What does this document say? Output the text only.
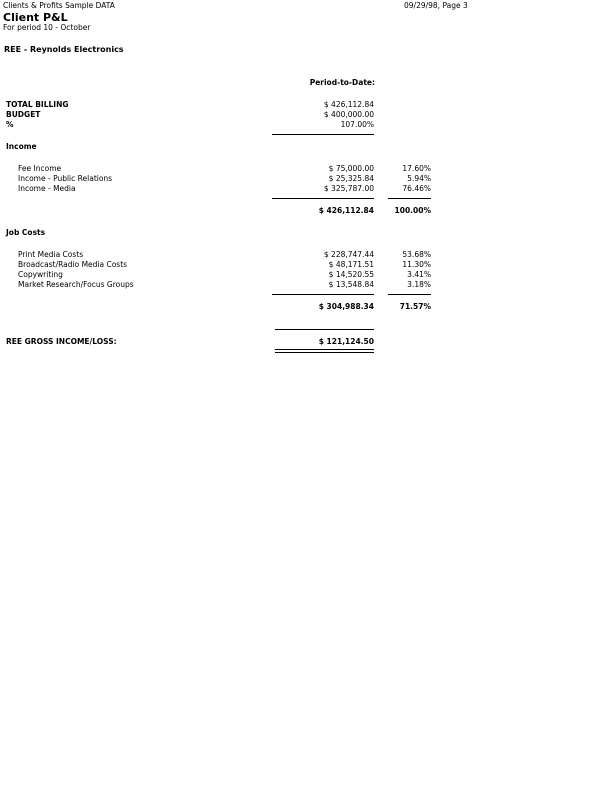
Clients & Profits Sample DATA	09/29/98, Page 3
Client P&L
For period 10 - October
REE - Reynolds Electronics
Period-to-Date:
TOTAL BILLING	$ 426,112.84
BUDGET	$ 400,000.00
%	107.00%
Income
Fee Income	$ 75,000.00	17.60%
Income - Public Relations	$ 25,325.84	5.94%
Income - Media	$ 325,787.00	76.46%
$ 426,112.84	100.00%
Job Costs
Print Media Costs	$ 228,747.44	53.68%
Broadcast/Radio Media Costs	$ 48,171.51	11.30%
Copywriting	$ 14,520.55	3.41%
Market Research/Focus Groups	$ 13,548.84	3.18%
$ 304,988.34	71.57%
REE GROSS INCOME/LOSS:	$ 121,124.50
